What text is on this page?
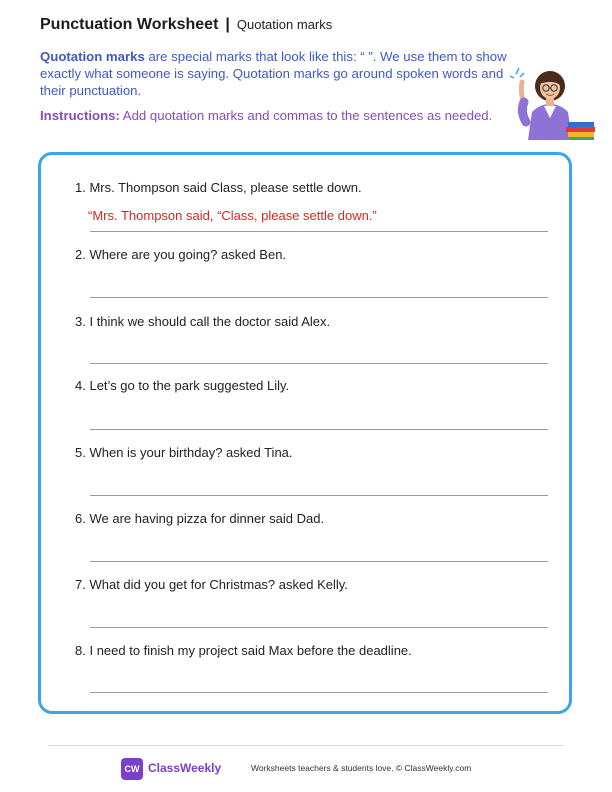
Punctuation Worksheet | Quotation marks
Quotation marks are special marks that look like this: “ ”. We use them to show exactly what someone is saying. Quotation marks go around spoken words and their punctuation.
Instructions: Add quotation marks and commas to the sentences as needed.
1. Mrs. Thompson said Class, please settle down.
“Mrs. Thompson said, “Class, please settle down.”
2. Where are you going? asked Ben.
3. I think we should call the doctor said Alex.
4. Let’s go to the park suggested Lily.
5. When is your birthday? asked Tina.
6. We are having pizza for dinner said Dad.
7. What did you get for Christmas? asked Kelly.
8. I need to finish my project said Max before the deadline.
CW ClassWeekly	Worksheets teachers & students love. © ClassWeekly.com
